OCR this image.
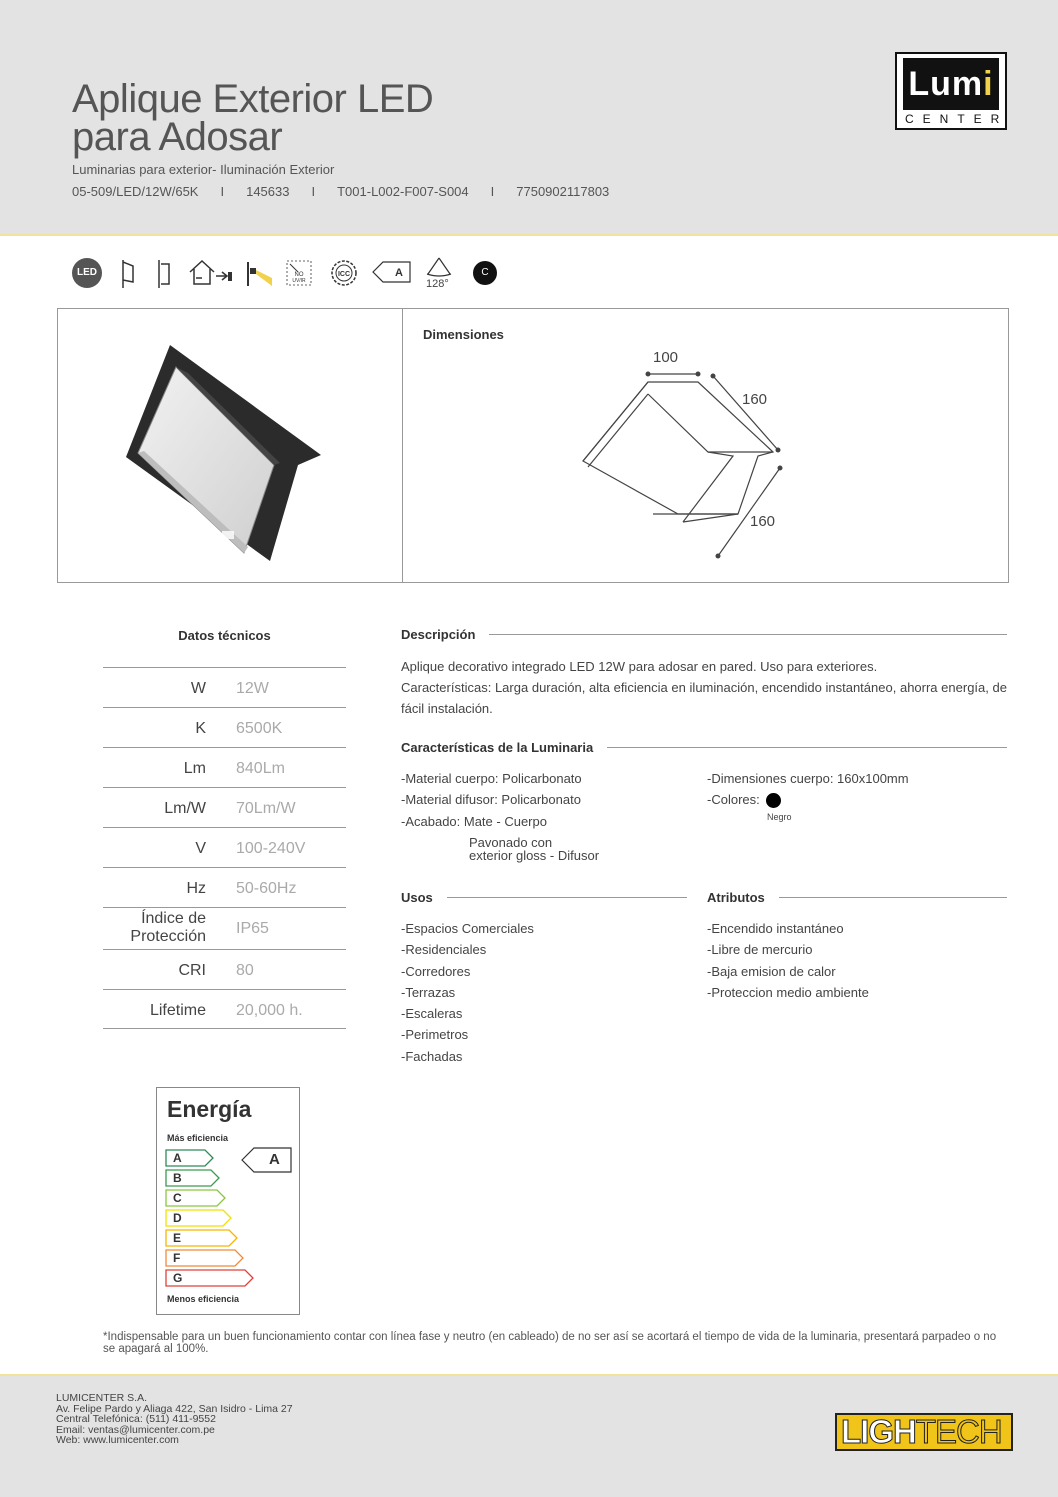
Aplique Exterior LED
para Adosar
Luminarias para exterior- Iluminación Exterior
05-509/LED/12W/65K I 145633 I T001-L002-F007-S004 I 7750902117803
Lumi
CENTER
LED	NO
UV/IR
ICC	A
128°
C
Dimensiones
100
160
160
Datos técnicos
W 12W
K 6500K
Lm 840Lm
Lm/W 70Lm/W
V 100-240V
Hz 50-60Hz
Índice de
Protección IP65
CRI 80
Lifetime 20,000 h.
Descripción
Aplique decorativo integrado LED 12W para adosar en pared. Uso para exteriores.
Características: Larga duración, alta eficiencia en iluminación, encendido instantáneo, ahorra energía, de fácil instalación.
Características de la Luminaria
-Material cuerpo: Policarbonato
-Material difusor: Policarbonato
-Acabado: Mate - Cuerpo
Pavonado con
exterior gloss - Difusor
-Dimensiones cuerpo: 160x100mm
-Colores:
Negro
Usos
-Espacios Comerciales
-Residenciales
-Corredores
-Terrazas
-Escaleras
-Perimetros
-Fachadas
Atributos
-Encendido instantáneo
-Libre de mercurio
-Baja emision de calor
-Proteccion medio ambiente
Energía
Más eficiencia
A
B
C
D
E
F
G
A
Menos eficiencia
*Indispensable para un buen funcionamiento contar con línea fase y neutro (en cableado) de no ser así se acortará el tiempo de vida de la luminaria, presentará parpadeo o no se apagará al 100%.
LUMICENTER S.A.
Av. Felipe Pardo y Aliaga 422, San Isidro - Lima 27
Central Telefónica: (511) 411-9552
Email: ventas@lumicenter.com.pe
Web: www.lumicenter.com	LIGHTECH
